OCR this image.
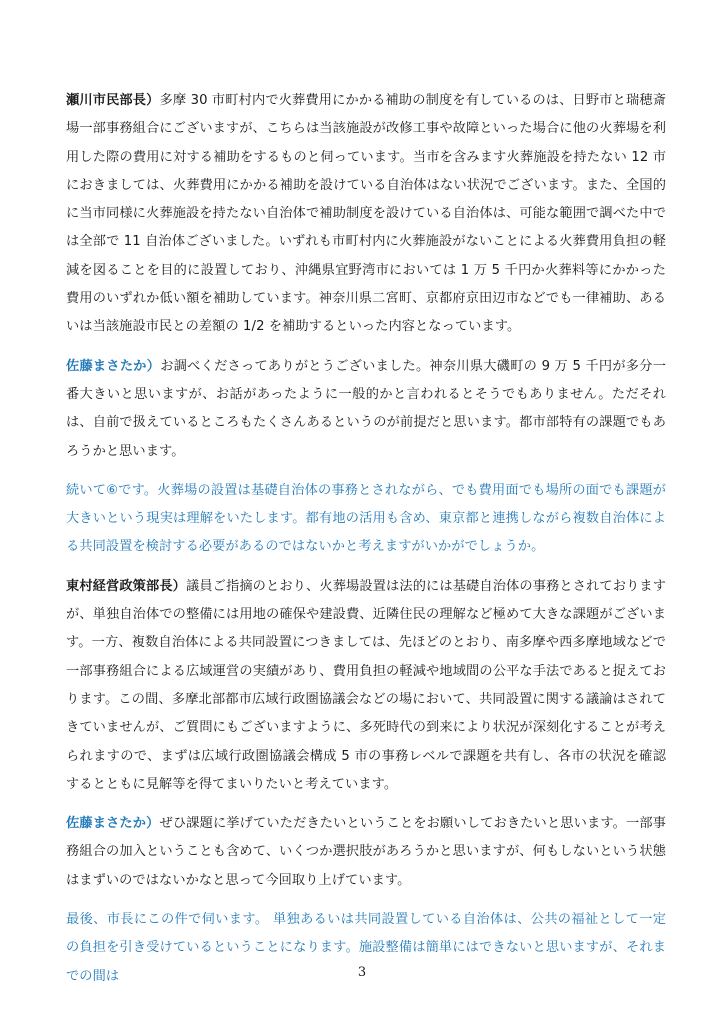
瀬川市民部長）多摩 30 市町村内で火葬費用にかかる補助の制度を有しているのは、日野市と瑞穂斎場一部事務組合にございますが、こちらは当該施設が改修工事や故障といった場合に他の火葬場を利用した際の費用に対する補助をするものと伺っています。当市を含みます火葬施設を持たない 12 市におきましては、火葬費用にかかる補助を設けている自治体はない状況でございます。また、全国的に当市同様に火葬施設を持たない自治体で補助制度を設けている自治体は、可能な範囲で調べた中では全部で 11 自治体ございました。いずれも市町村内に火葬施設がないことによる火葬費用負担の軽減を図ることを目的に設置しており、沖縄県宜野湾市においては 1 万 5 千円か火葬料等にかかった費用のいずれか低い額を補助しています。神奈川県二宮町、京都府京田辺市などでも一律補助、あるいは当該施設市民との差額の 1/2 を補助するといった内容となっています。

佐藤まさたか）お調べくださってありがとうございました。神奈川県大磯町の 9 万 5 千円が多分一番大きいと思いますが、お話があったように一般的かと言われるとそうでもありません。ただそれは、自前で扱えているところもたくさんあるというのが前提だと思います。都市部特有の課題でもあろうかと思います。

続いて⑥です。火葬場の設置は基礎自治体の事務とされながら、でも費用面でも場所の面でも課題が大きいという現実は理解をいたします。都有地の活用も含め、東京都と連携しながら複数自治体による共同設置を検討する必要があるのではないかと考えますがいかがでしょうか。

東村経営政策部長）議員ご指摘のとおり、火葬場設置は法的には基礎自治体の事務とされておりますが、単独自治体での整備には用地の確保や建設費、近隣住民の理解など極めて大きな課題がございます。一方、複数自治体による共同設置につきましては、先ほどのとおり、南多摩や西多摩地域などで一部事務組合による広域運営の実績があり、費用負担の軽減や地域間の公平な手法であると捉えております。この間、多摩北部都市広域行政圏協議会などの場において、共同設置に関する議論はされてきていませんが、ご質問にもございますように、多死時代の到来により状況が深刻化することが考えられますので、まずは広域行政圏協議会構成 5 市の事務レベルで課題を共有し、各市の状況を確認するとともに見解等を得てまいりたいと考えています。

佐藤まさたか）ぜひ課題に挙げていただきたいということをお願いしておきたいと思います。一部事務組合の加入ということも含めて、いくつか選択肢があろうかと思いますが、何もしないという状態はまずいのではないかなと思って今回取り上げています。

最後、市長にこの件で伺います。 単独あるいは共同設置している自治体は、公共の福祉として一定の負担を引き受けているということになります。施設整備は簡単にはできないと思いますが、それまでの間は	3
